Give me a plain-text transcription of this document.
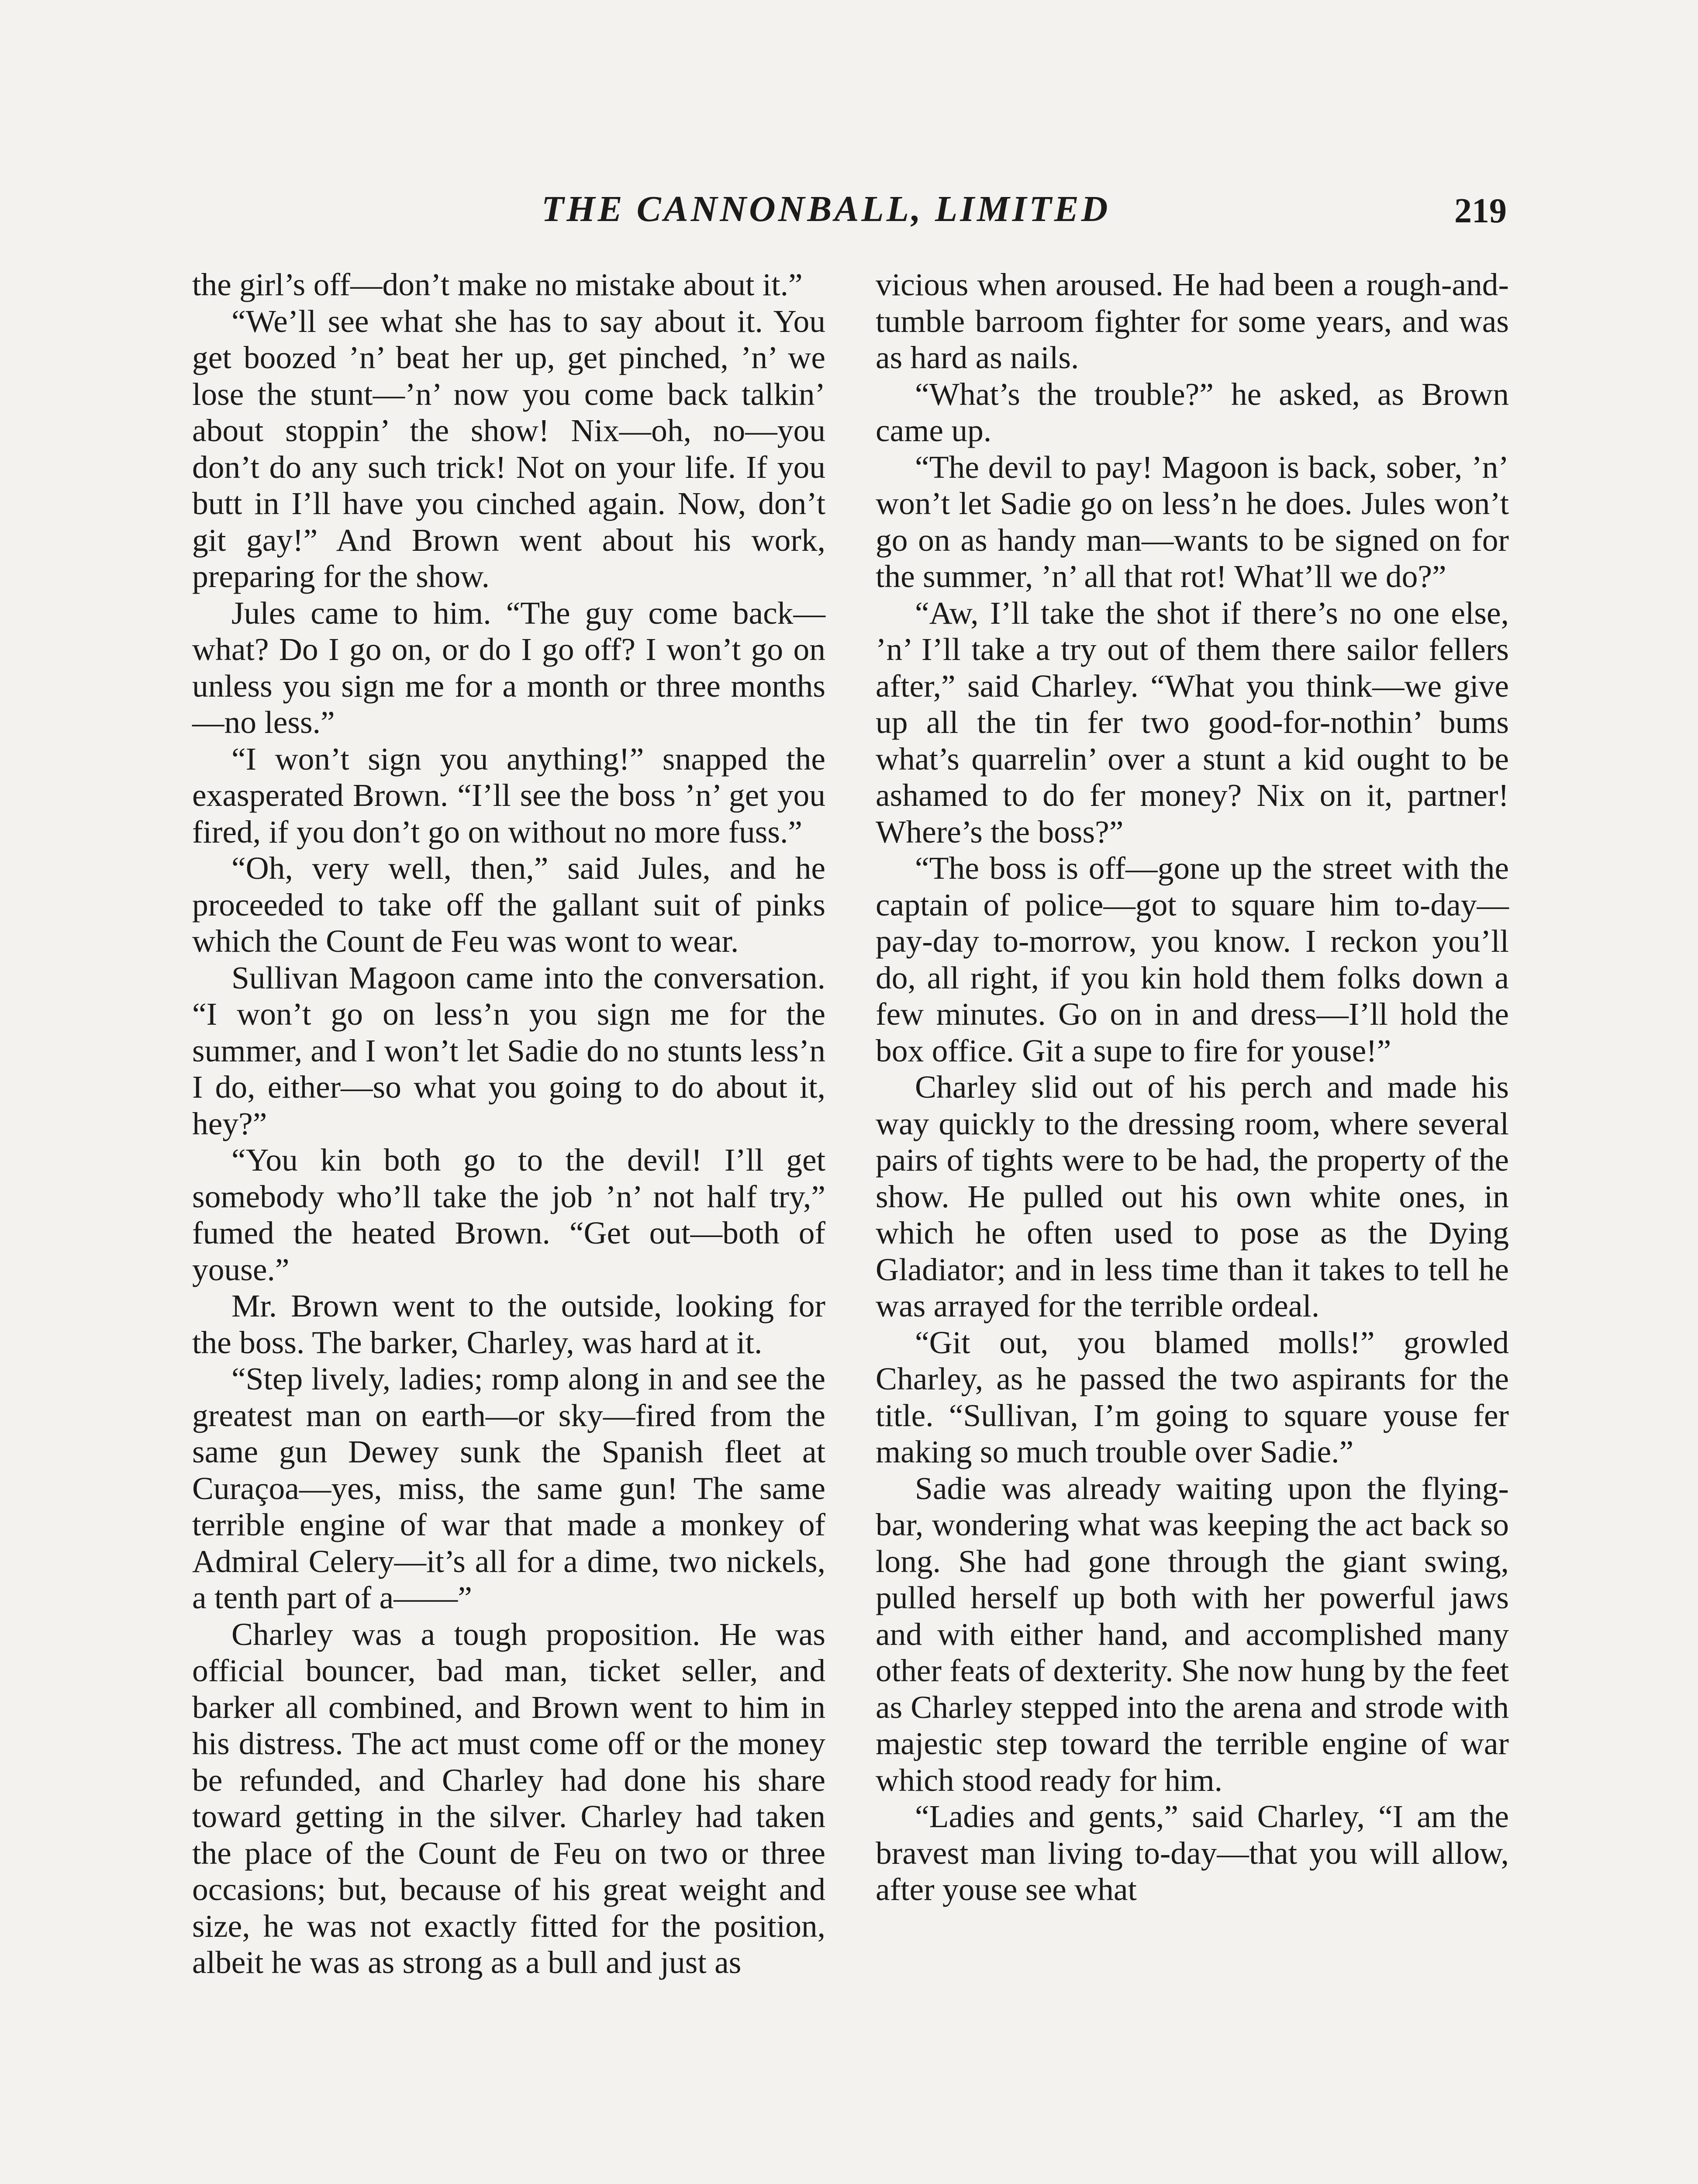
THE CANNONBALL, LIMITED	219

the girl’s off—don’t make no mistake about it.”

“We’ll see what she has to say about it. You get boozed ’n’ beat her up, get pinched, ’n’ we lose the stunt—’n’ now you come back talkin’ about stoppin’ the show! Nix—oh, no—you don’t do any such trick! Not on your life. If you butt in I’ll have you cinched again. Now, don’t git gay!” And Brown went about his work, preparing for the show.

Jules came to him. “The guy come back—what? Do I go on, or do I go off? I won’t go on unless you sign me for a month or three months—no less.”

“I won’t sign you anything!” snapped the exasperated Brown. “I’ll see the boss ’n’ get you fired, if you don’t go on without no more fuss.”

“Oh, very well, then,” said Jules, and he proceeded to take off the gallant suit of pinks which the Count de Feu was wont to wear.

Sullivan Magoon came into the conversation. “I won’t go on less’n you sign me for the summer, and I won’t let Sadie do no stunts less’n I do, either—so what you going to do about it, hey?”

“You kin both go to the devil! I’ll get somebody who’ll take the job ’n’ not half try,” fumed the heated Brown. “Get out—both of youse.”

Mr. Brown went to the outside, looking for the boss. The barker, Charley, was hard at it.

“Step lively, ladies; romp along in and see the greatest man on earth—or sky—fired from the same gun Dewey sunk the Spanish fleet at Curaçoa—yes, miss, the same gun! The same terrible engine of war that made a monkey of Admiral Celery—it’s all for a dime, two nickels, a tenth part of a——”

Charley was a tough proposition. He was official bouncer, bad man, ticket seller, and barker all combined, and Brown went to him in his distress. The act must come off or the money be refunded, and Charley had done his share toward getting in the silver. Charley had taken the place of the Count de Feu on two or three occasions; but, because of his great weight and size, he was not exactly fitted for the position, albeit he was as strong as a bull and just as

vicious when aroused. He had been a rough-and-tumble barroom fighter for some years, and was as hard as nails.

“What’s the trouble?” he asked, as Brown came up.

“The devil to pay! Magoon is back, sober, ’n’ won’t let Sadie go on less’n he does. Jules won’t go on as handy man—wants to be signed on for the summer, ’n’ all that rot! What’ll we do?”

“Aw, I’ll take the shot if there’s no one else, ’n’ I’ll take a try out of them there sailor fellers after,” said Charley. “What you think—we give up all the tin fer two good-for-nothin’ bums what’s quarrelin’ over a stunt a kid ought to be ashamed to do fer money? Nix on it, partner! Where’s the boss?”

“The boss is off—gone up the street with the captain of police—got to square him to-day—pay-day to-morrow, you know. I reckon you’ll do, all right, if you kin hold them folks down a few minutes. Go on in and dress—I’ll hold the box office. Git a supe to fire for youse!”

Charley slid out of his perch and made his way quickly to the dressing room, where several pairs of tights were to be had, the property of the show. He pulled out his own white ones, in which he often used to pose as the Dying Gladiator; and in less time than it takes to tell he was arrayed for the terrible ordeal.

“Git out, you blamed molls!” growled Charley, as he passed the two aspirants for the title. “Sullivan, I’m going to square youse fer making so much trouble over Sadie.”

Sadie was already waiting upon the flying-bar, wondering what was keeping the act back so long. She had gone through the giant swing, pulled herself up both with her powerful jaws and with either hand, and accomplished many other feats of dexterity. She now hung by the feet as Charley stepped into the arena and strode with majestic step toward the terrible engine of war which stood ready for him.

“Ladies and gents,” said Charley, “I am the bravest man living to-day—that you will allow, after youse see what
